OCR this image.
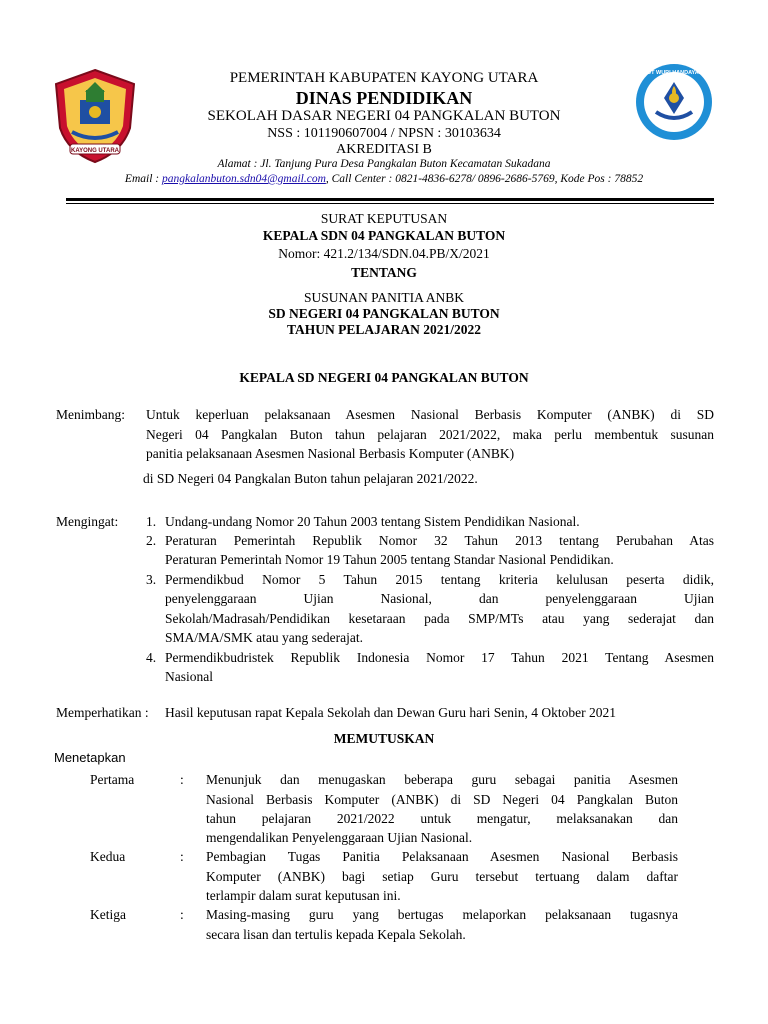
KAYONG UTARA
TUT WURI HANDAYANI
PEMERINTAH KABUPATEN KAYONG UTARA
DINAS PENDIDIKAN
SEKOLAH DASAR NEGERI 04 PANGKALAN BUTON
NSS : 101190607004 / NPSN : 30103634
AKREDITASI B
Alamat : Jl. Tanjung Pura Desa Pangkalan Buton Kecamatan Sukadana
Email : pangkalanbuton.sdn04@gmail.com, Call Center : 0821-4836-6278/ 0896-2686-5769, Kode Pos : 78852
SURAT KEPUTUSAN
KEPALA SDN 04 PANGKALAN BUTON
Nomor: 421.2/134/SDN.04.PB/X/2021
TENTANG
SUSUNAN PANITIA ANBK
SD NEGERI 04 PANGKALAN BUTON
TAHUN PELAJARAN 2021/2022
KEPALA SD NEGERI 04 PANGKALAN BUTON
Menimbang: Untuk keperluan pelaksanaan Asesmen Nasional Berbasis Komputer (ANBK) di SD
Negeri 04 Pangkalan Buton tahun pelajaran 2021/2022, maka perlu membentuk susunan
panitia pelaksanaan Asesmen Nasional Berbasis Komputer (ANBK)
di SD Negeri 04 Pangkalan Buton tahun pelajaran 2021/2022.
Mengingat: 1. Undang-undang Nomor 20 Tahun 2003 tentang Sistem Pendidikan Nasional.
2. Peraturan Pemerintah Republik Nomor 32 Tahun 2013 tentang Perubahan Atas
Peraturan Pemerintah Nomor 19 Tahun 2005 tentang Standar Nasional Pendidikan.
3. Permendikbud Nomor 5 Tahun 2015 tentang kriteria kelulusan peserta didik,
penyelenggaraan Ujian Nasional, dan penyelenggaraan Ujian
Sekolah/Madrasah/Pendidikan kesetaraan pada SMP/MTs atau yang sederajat dan
SMA/MA/SMK atau yang sederajat.
4. Permendikbudristek Republik Indonesia Nomor 17 Tahun 2021 Tentang Asesmen
Nasional
Memperhatikan : Hasil keputusan rapat Kepala Sekolah dan Dewan Guru hari Senin, 4 Oktober 2021
MEMUTUSKAN
Menetapkan
Pertama	: Menunjuk dan menugaskan beberapa guru sebagai panitia Asesmen
Nasional Berbasis Komputer (ANBK) di SD Negeri 04 Pangkalan Buton
tahun pelajaran 2021/2022 untuk mengatur, melaksanakan dan
mengendalikan Penyelenggaraan Ujian Nasional.
Kedua	: Pembagian Tugas Panitia Pelaksanaan Asesmen Nasional Berbasis
Komputer (ANBK) bagi setiap Guru tersebut tertuang dalam daftar
terlampir dalam surat keputusan ini.
Ketiga	: Masing-masing guru yang bertugas melaporkan pelaksanaan tugasnya
secara lisan dan tertulis kepada Kepala Sekolah.
